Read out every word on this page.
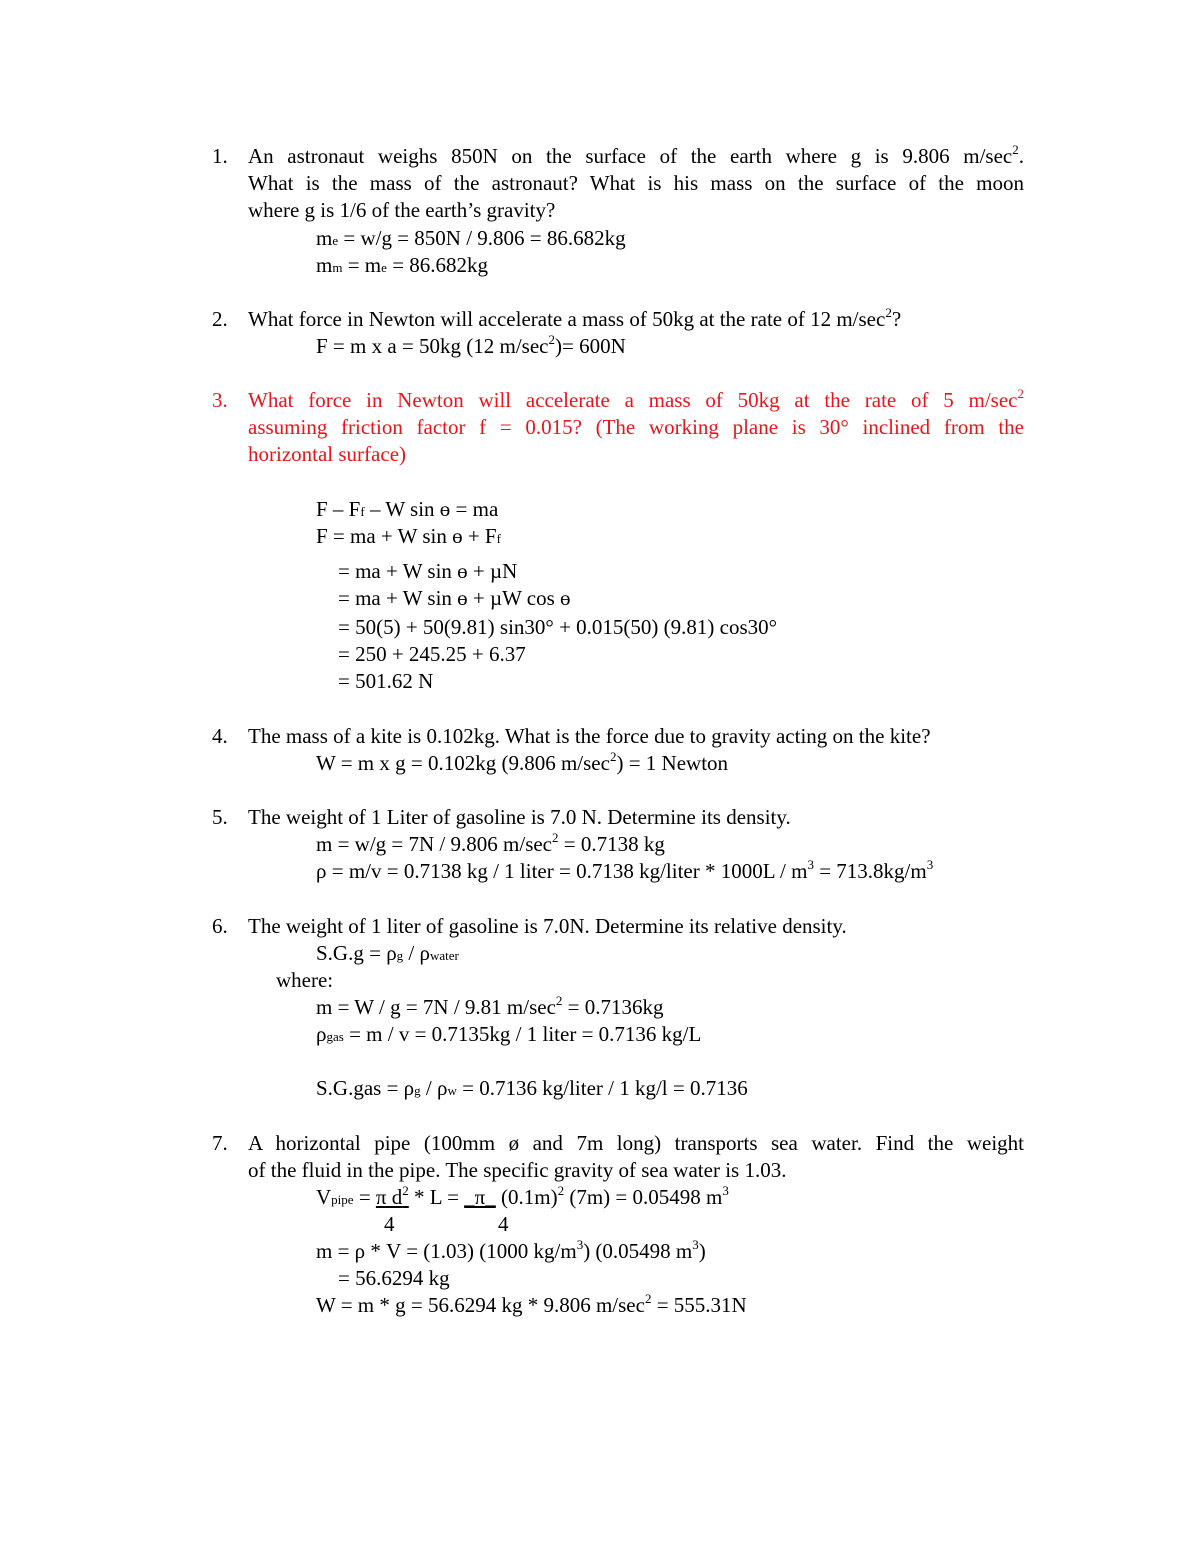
1. An astronaut weighs 850N on the surface of the earth where g is 9.806 $m/\sec^2$.
What is the mass of the astronaut? What is his mass on the surface of the moon
where g is 1/6 of the earth’s gravity?
me = w/g = 850N / 9.806 = 86.682kg
mm = me = 86.682kg
2. What force in Newton will accelerate a mass of 50kg at the rate of 12 $m/\sec^2$?
F = m x a = 50kg (12 $m/\sec^2)= 600N$
3. What force in Newton will accelerate a mass of 50kg at the rate of 5 $m/\sec^2$
assuming friction factor f = 0.015? (The working plane is 30° inclined from the
horizontal surface)
F – Ff – W sin ɵ = ma
F = ma + W sin ɵ + Ff
= ma + W sin ɵ + µN
= ma + W sin ɵ + µW cos ɵ
= 50(5) + 50(9.81) sin30° + 0.015(50) (9.81) cos30°
= 250 + 245.25 + 6.37
= 501.62 N
4. The mass of a kite is 0.102kg. What is the force due to gravity acting on the kite?
W = m x g = 0.102kg (9.806 $m/\sec^2) = 1$ Newton
5. The weight of 1 Liter of gasoline is 7.0 N. Determine its density.
m = w/g = 7N / 9.806 $m/\sec^2 = 0.7138$ kg
ρ = m/v = 0.7138 kg / 1 liter = 0.7138 kg/liter * $1000L / m^3 = 713.8kg/m^3$
6. The weight of 1 liter of gasoline is 7.0N. Determine its relative density.
S.G.g = ρg / ρwater
where:
m = W / g = 7N / 9.81 $m/\sec^2 = 0.7136kg$
ρgas = m / v = 0.7135kg / 1 liter = 0.7136 kg/L
S.G.gas = ρg / ρw = 0.7136 kg/liter / 1 kg/l = 0.7136
7. A horizontal pipe (100mm ø and 7m long) transports sea water. Find the weight
of the fluid in the pipe. The specific gravity of sea water is 1.03.
Vpipe = π $d^2$ * L = _π_ $(0.1m)^2$ (7m) = 0.05498 $m^3$
4	4
m = ρ * V = (1.03) (1000 $kg/m^3$) (0.05498 $m^3$)
= 56.6294 kg
W = m * g = 56.6294 kg * 9.806 $m/\sec^2 = 555.31N$
